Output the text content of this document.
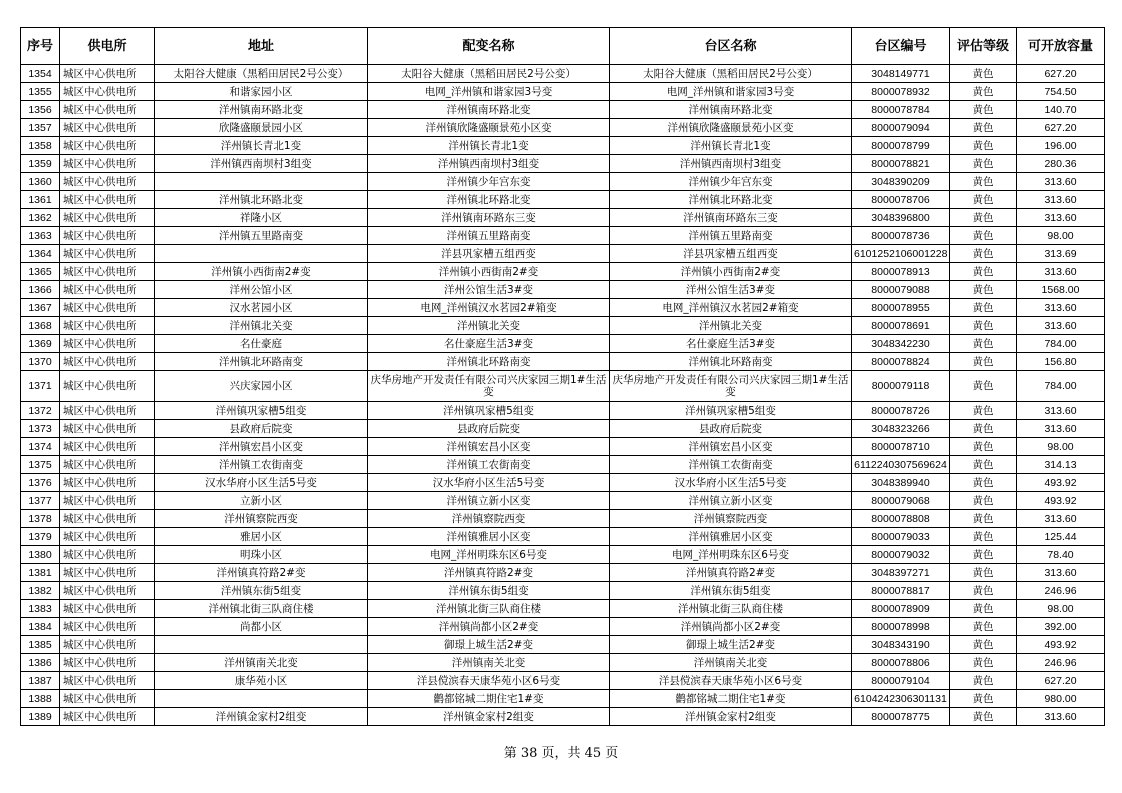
序号	供电所	地址	配变名称	台区名称	台区编号	评估等级	可开放容量
1354	城区中心供电所	太阳谷大健康（黑稻田居民2号公变）	太阳谷大健康（黑稻田居民2号公变）	太阳谷大健康（黑稻田居民2号公变）	3048149771	黄色	627.20
1355	城区中心供电所	和谐家园小区	电网_洋州镇和谐家园3号变	电网_洋州镇和谐家园3号变	8000078932	黄色	754.50
1356	城区中心供电所	洋州镇南环路北变	洋州镇南环路北变	洋州镇南环路北变	8000078784	黄色	140.70
1357	城区中心供电所	欣隆盛颐景园小区	洋州镇欣隆盛颐景苑小区变	洋州镇欣隆盛颐景苑小区变	8000079094	黄色	627.20
1358	城区中心供电所	洋州镇长青北1变	洋州镇长青北1变	洋州镇长青北1变	8000078799	黄色	196.00
1359	城区中心供电所	洋州镇西南坝村3组变	洋州镇西南坝村3组变	洋州镇西南坝村3组变	8000078821	黄色	280.36
1360	城区中心供电所		洋州镇少年宫东变	洋州镇少年宫东变	3048390209	黄色	313.60
1361	城区中心供电所	洋州镇北环路北变	洋州镇北环路北变	洋州镇北环路北变	8000078706	黄色	313.60
1362	城区中心供电所	祥隆小区	洋州镇南环路东三变	洋州镇南环路东三变	3048396800	黄色	313.60
1363	城区中心供电所	洋州镇五里路南变	洋州镇五里路南变	洋州镇五里路南变	8000078736	黄色	98.00
1364	城区中心供电所		洋县巩家槽五组西变	洋县巩家槽五组西变	6101252106001228	黄色	313.69
1365	城区中心供电所	洋州镇小西街南2#变	洋州镇小西街南2#变	洋州镇小西街南2#变	8000078913	黄色	313.60
1366	城区中心供电所	洋州公馆小区	洋州公馆生活3#变	洋州公馆生活3#变	8000079088	黄色	1568.00
1367	城区中心供电所	汉水茗园小区	电网_洋州镇汉水茗园2#箱变	电网_洋州镇汉水茗园2#箱变	8000078955	黄色	313.60
1368	城区中心供电所	洋州镇北关变	洋州镇北关变	洋州镇北关变	8000078691	黄色	313.60
1369	城区中心供电所	名仕豪庭	名仕豪庭生活3#变	名仕豪庭生活3#变	3048342230	黄色	784.00
1370	城区中心供电所	洋州镇北环路南变	洋州镇北环路南变	洋州镇北环路南变	8000078824	黄色	156.80
1371	城区中心供电所	兴庆家园小区	庆华房地产开发责任有限公司兴庆家园三期1#生活变	庆华房地产开发责任有限公司兴庆家园三期1#生活变	8000079118	黄色	784.00
1372	城区中心供电所	洋州镇巩家槽5组变	洋州镇巩家槽5组变	洋州镇巩家槽5组变	8000078726	黄色	313.60
1373	城区中心供电所	县政府后院变	县政府后院变	县政府后院变	3048323266	黄色	313.60
1374	城区中心供电所	洋州镇宏昌小区变	洋州镇宏昌小区变	洋州镇宏昌小区变	8000078710	黄色	98.00
1375	城区中心供电所	洋州镇工农街南变	洋州镇工农街南变	洋州镇工农街南变	6112240307569624	黄色	314.13
1376	城区中心供电所	汉水华府小区生活5号变	汉水华府小区生活5号变	汉水华府小区生活5号变	3048389940	黄色	493.92
1377	城区中心供电所	立新小区	洋州镇立新小区变	洋州镇立新小区变	8000079068	黄色	493.92
1378	城区中心供电所	洋州镇察院西变	洋州镇察院西变	洋州镇察院西变	8000078808	黄色	313.60
1379	城区中心供电所	雅居小区	洋州镇雅居小区变	洋州镇雅居小区变	8000079033	黄色	125.44
1380	城区中心供电所	明珠小区	电网_洋州明珠东区6号变	电网_洋州明珠东区6号变	8000079032	黄色	78.40
1381	城区中心供电所	洋州镇真符路2#变	洋州镇真符路2#变	洋州镇真符路2#变	3048397271	黄色	313.60
1382	城区中心供电所	洋州镇东街5组变	洋州镇东街5组变	洋州镇东街5组变	8000078817	黄色	246.96
1383	城区中心供电所	洋州镇北街三队商住楼	洋州镇北街三队商住楼	洋州镇北街三队商住楼	8000078909	黄色	98.00
1384	城区中心供电所	尚都小区	洋州镇尚都小区2#变	洋州镇尚都小区2#变	8000078998	黄色	392.00
1385	城区中心供电所		御璟上城生活2#变	御璟上城生活2#变	3048343190	黄色	493.92
1386	城区中心供电所	洋州镇南关北变	洋州镇南关北变	洋州镇南关北变	8000078806	黄色	246.96
1387	城区中心供电所	康华苑小区	洋县傥滨春天康华苑小区6号变	洋县傥滨春天康华苑小区6号变	8000079104	黄色	627.20
1388	城区中心供电所		鹳都铭城二期住宅1#变	鹳都铭城二期住宅1#变	6104242306301131	黄色	980.00
1389	城区中心供电所	洋州镇金家村2组变	洋州镇金家村2组变	洋州镇金家村2组变	8000078775	黄色	313.60
第 38 页，共 45 页
